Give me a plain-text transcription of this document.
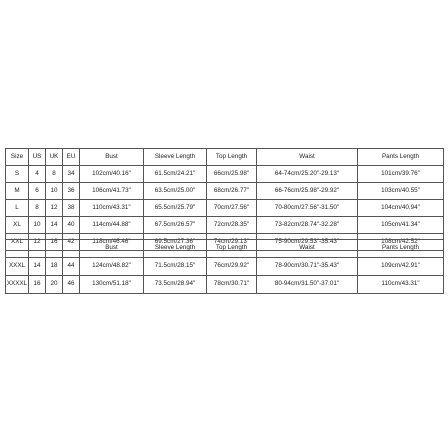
Size	US	UK	EU	Bust	Sleeve Length	Top Length	Waist	Pants Length
S	4	8	34	102cm/40.16"	61.5cm/24.21"	66cm/25.98"	64-74cm/25.20"-29.13"	101cm/39.76"
M	6	10	36	106cm/41.73"	63.5cm/25.00"	68cm/26.77"	66-76cm/25.98"-29.92"	103cm/40.55"
L	8	12	38	110cm/43.31"	65.5cm/25.79"	70cm/27.56"	70-80cm/27.56"-31.50"	104cm/40.94"
XL	10	14	40	114cm/44.88"	67.5cm/26.57"	72cm/28.35"	73-82cm/28.74"-32.28"	105cm/41.34"
XXL	12	16	42	118cm/46.46"	69.5cm/27.36"	74cm/29.13"	75-90cm/29.53"-35.43"	108cm/42.52"
				Bust	Sleeve Length	Top Length	Waist	Pants Length
XXXL	14	18	44	124cm/48.82"	71.5cm/28.15"	76cm/29.92"	78-90cm/30.71"-35.43"	109cm/42.91"
XXXXL	16	20	46	130cm/51.18"	73.5cm/28.94"	78cm/30.71"	80-94cm/31.50"-37.01"	110cm/43.31"
